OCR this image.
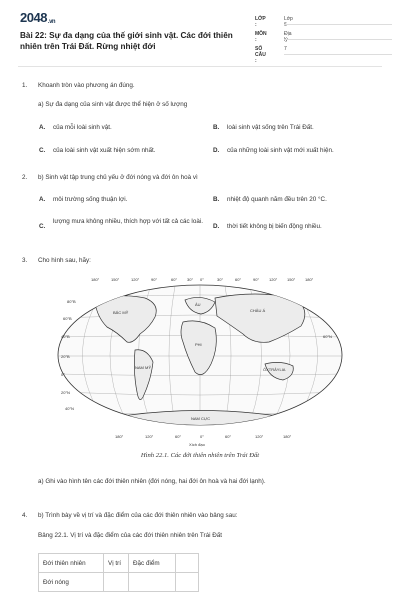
2048.vn
Bài 22: Sự đa dạng của thế giới sinh vật. Các đới thiên nhiên trên Trái Đất. Rừng nhiệt đới
LỚP :
Lớp 6
MÔN :
Địa lý
SỐ CÂU :
7
1. Khoanh tròn vào phương án đúng.
a) Sự đa dạng của sinh vật được thể hiện ở số lượng
A. của mỗi loài sinh vật.	B. loài sinh vật sống trên Trái Đất.
C. của loài sinh vật xuất hiện sớm nhất.	D. của những loài sinh vật mới xuất hiện.
2. b) Sinh vật tập trung chủ yếu ở đới nóng và đới ôn hoà vì
A. môi trường sống thuận lợi.	B. nhiệt độ quanh năm đều trên 20 °C.
C.
lượng mưa không nhiều, thích hợp với tất cả các loài.
D. thời tiết không bị biến động nhiều.
3. Cho hình sau, hãy:
180°	150°	120°	90°	60° 30° 0°	30°	60°	90° 120° 150° 180°
180°	120°	60°	0°	60°	120°	180°
80°B
60°B
40°B
20°B
0°
20°N
40°N
60°N
BẮC MỸ
NAM MỸ
PHI
ÂU
CHÂU Á
ÔXTRÂYLIA
NAM CỰC
Xích đạo
Hình 22.1. Các đới thiên nhiên trên Trái Đất
a) Ghi vào hình tên các đới thiên nhiên (đới nóng, hai đới ôn hoà và hai đới lạnh).
4. b) Trình bày về vị trí và đặc điểm của các đới thiên nhiên vào bảng sau:
Bảng 22.1. Vị trí và đặc điểm của các đới thiên nhiên trên Trái Đất
Đới thiên nhiên	Vị trí	Đặc điểm	
Đới nóng			
